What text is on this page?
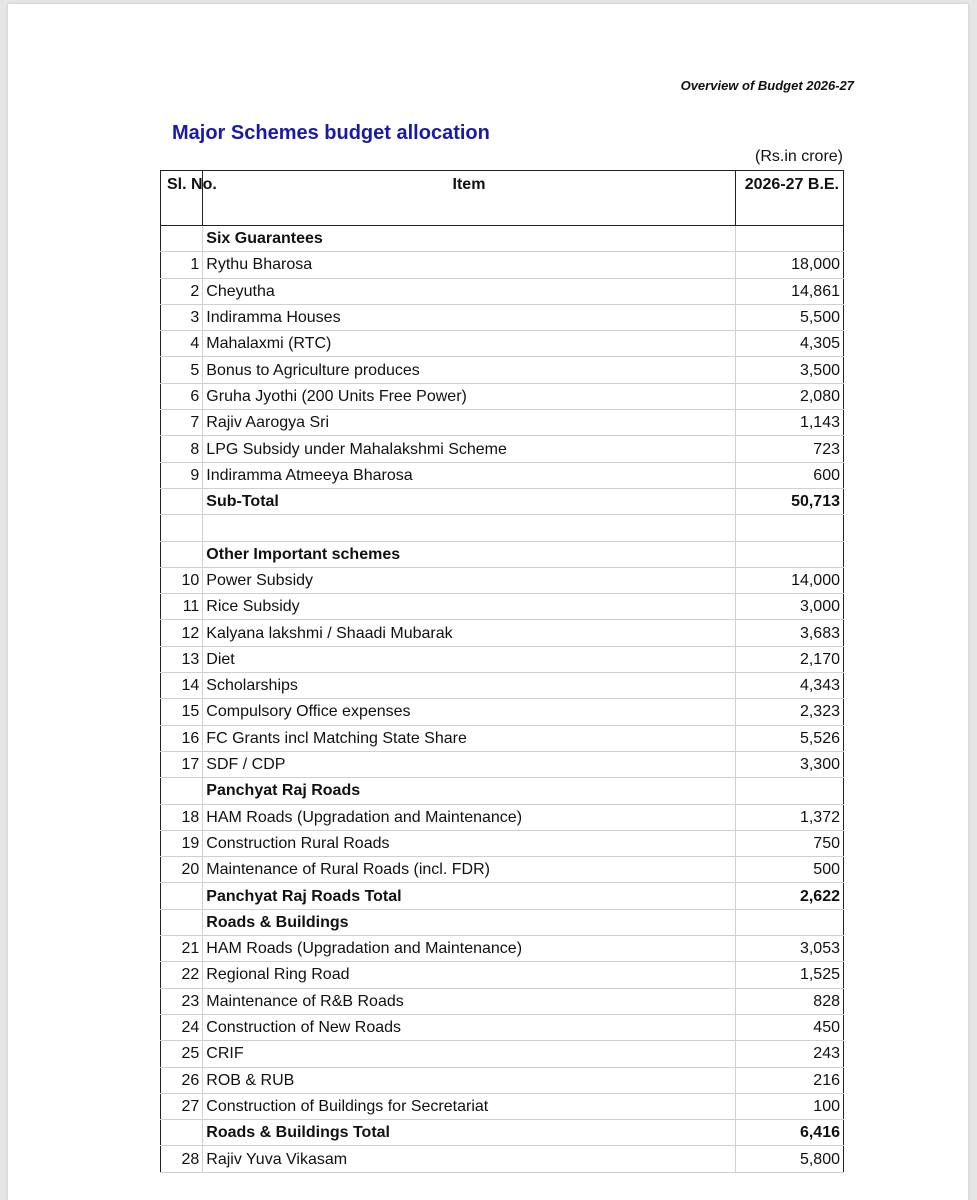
Overview of Budget 2026-27
Major Schemes budget allocation
(Rs.in crore)
Sl. No.	Item	2026-27 B.E.
	Six Guarantees	
1	Rythu Bharosa	18,000
2	Cheyutha	14,861
3	Indiramma Houses	5,500
4	Mahalaxmi (RTC)	4,305
5	Bonus to Agriculture produces	3,500
6	Gruha Jyothi (200 Units Free Power)	2,080
7	Rajiv Aarogya Sri	1,143
8	LPG Subsidy under Mahalakshmi Scheme	723
9	Indiramma Atmeeya Bharosa	600
	Sub-Total	50,713

	Other Important schemes	
10	Power Subsidy	14,000
11	Rice Subsidy	3,000
12	Kalyana lakshmi / Shaadi Mubarak	3,683
13	Diet	2,170
14	Scholarships	4,343
15	Compulsory Office expenses	2,323
16	FC Grants incl Matching State Share	5,526
17	SDF / CDP	3,300
	Panchyat Raj Roads	
18	HAM Roads (Upgradation and Maintenance)	1,372
19	Construction Rural Roads	750
20	Maintenance of Rural Roads (incl. FDR)	500
	Panchyat Raj Roads Total	2,622
	Roads & Buildings	
21	HAM Roads (Upgradation and Maintenance)	3,053
22	Regional Ring Road	1,525
23	Maintenance of R&B Roads	828
24	Construction of New Roads	450
25	CRIF	243
26	ROB & RUB	216
27	Construction of Buildings for Secretariat	100
	Roads & Buildings Total	6,416
28	Rajiv Yuva Vikasam	5,800
